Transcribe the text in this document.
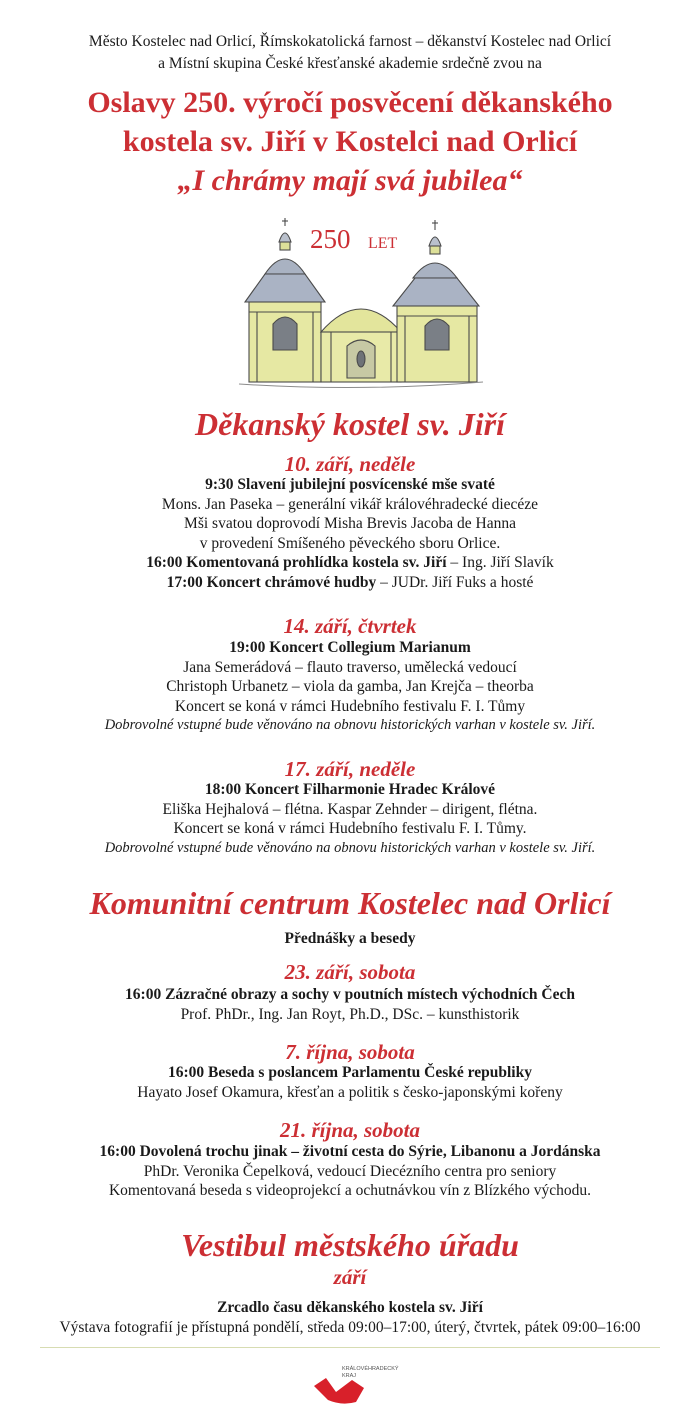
Město Kostelec nad Orlicí, Římskokatolická farnost – děkanství Kostelec nad Orlicí
a Místní skupina České křesťanské akademie srdečně zvou na
Oslavy 250. výročí posvěcení děkanského
kostela sv. Jiří v Kostelci nad Orlicí
„I chrámy mají svá jubilea“
250 LET
Děkanský kostel sv. Jiří
10. září, neděle
9:30 Slavení jubilejní posvícenské mše svaté
Mons. Jan Paseka – generální vikář královéhradecké diecéze
Mši svatou doprovodí Misha Brevis Jacoba de Hanna
v provedení Smíšeného pěveckého sboru Orlice.
16:00 Komentovaná prohlídka kostela sv. Jiří – Ing. Jiří Slavík
17:00 Koncert chrámové hudby – JUDr. Jiří Fuks a hosté
14. září, čtvrtek
19:00 Koncert Collegium Marianum
Jana Semerádová – flauto traverso, umělecká vedoucí
Christoph Urbanetz – viola da gamba, Jan Krejča – theorba
Koncert se koná v rámci Hudebního festivalu F. I. Tůmy
Dobrovolné vstupné bude věnováno na obnovu historických varhan v kostele sv. Jiří.
17. září, neděle
18:00 Koncert Filharmonie Hradec Králové
Eliška Hejhalová – flétna. Kaspar Zehnder – dirigent, flétna.
Koncert se koná v rámci Hudebního festivalu F. I. Tůmy.
Dobrovolné vstupné bude věnováno na obnovu historických varhan v kostele sv. Jiří.
Komunitní centrum Kostelec nad Orlicí
Přednášky a besedy
23. září, sobota
16:00 Zázračné obrazy a sochy v poutních místech východních Čech
Prof. PhDr., Ing. Jan Royt, Ph.D., DSc. – kunsthistorik
7. října, sobota
16:00 Beseda s poslancem Parlamentu České republiky
Hayato Josef Okamura, křesťan a politik s česko-japonskými kořeny
21. října, sobota
16:00 Dovolená trochu jinak – životní cesta do Sýrie, Libanonu a Jordánska
PhDr. Veronika Čepelková, vedoucí Diecézního centra pro seniory
Komentovaná beseda s videoprojekcí a ochutnávkou vín z Blízkého východu.
Vestibul městského úřadu
září
Zrcadlo času děkanského kostela sv. Jiří
Výstava fotografií je přístupná pondělí, středa 09:00–17:00, úterý, čtvrtek, pátek 09:00–16:00
KRÁLOVÉHRADECKÝ
KRAJ
